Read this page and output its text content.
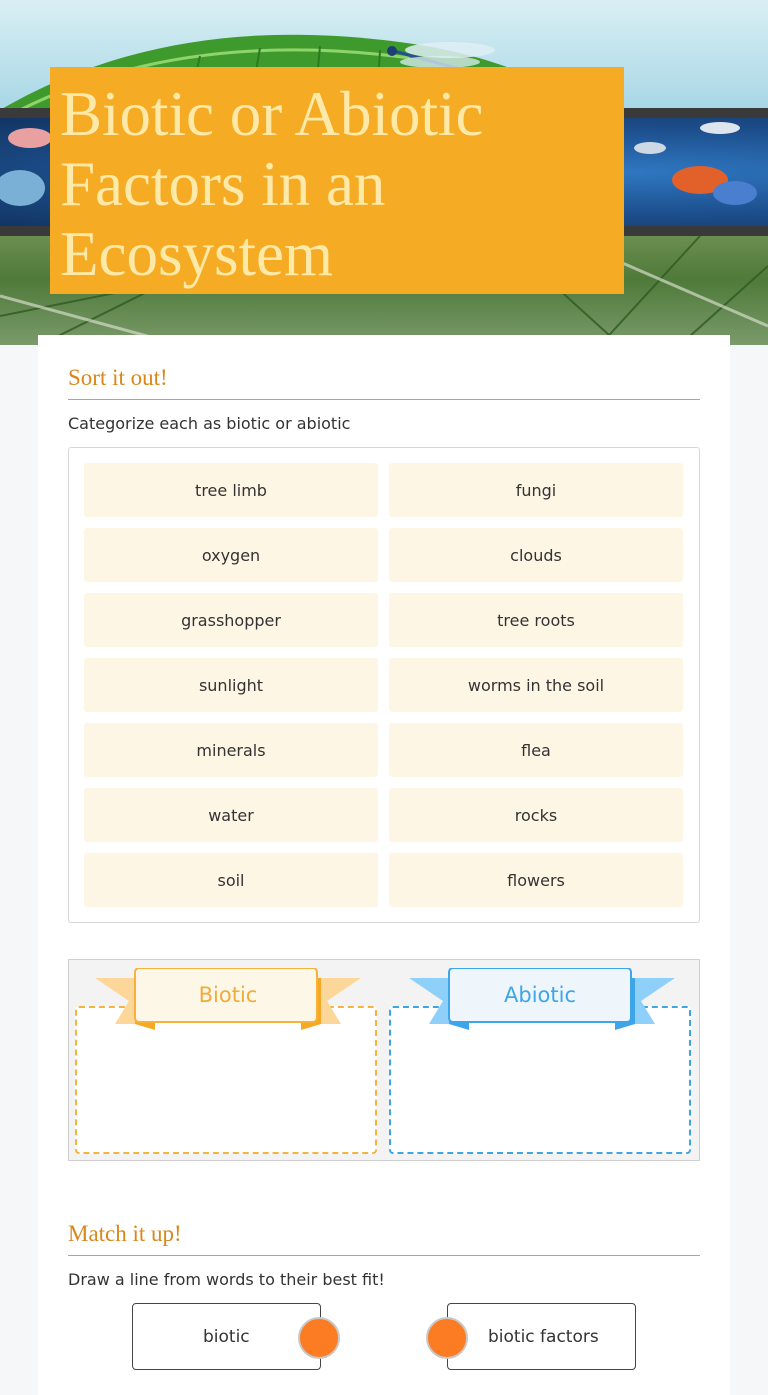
Biotic or Abiotic Factors in an Ecosystem
Sort it out!
Categorize each as biotic or abiotic
tree limb	fungi
oxygen	clouds
grasshopper	tree roots
sunlight	worms in the soil
minerals	flea
water	rocks
soil	flowers
Biotic	Abiotic
Match it up!
Draw a line from words to their best fit!
biotic	biotic factors
